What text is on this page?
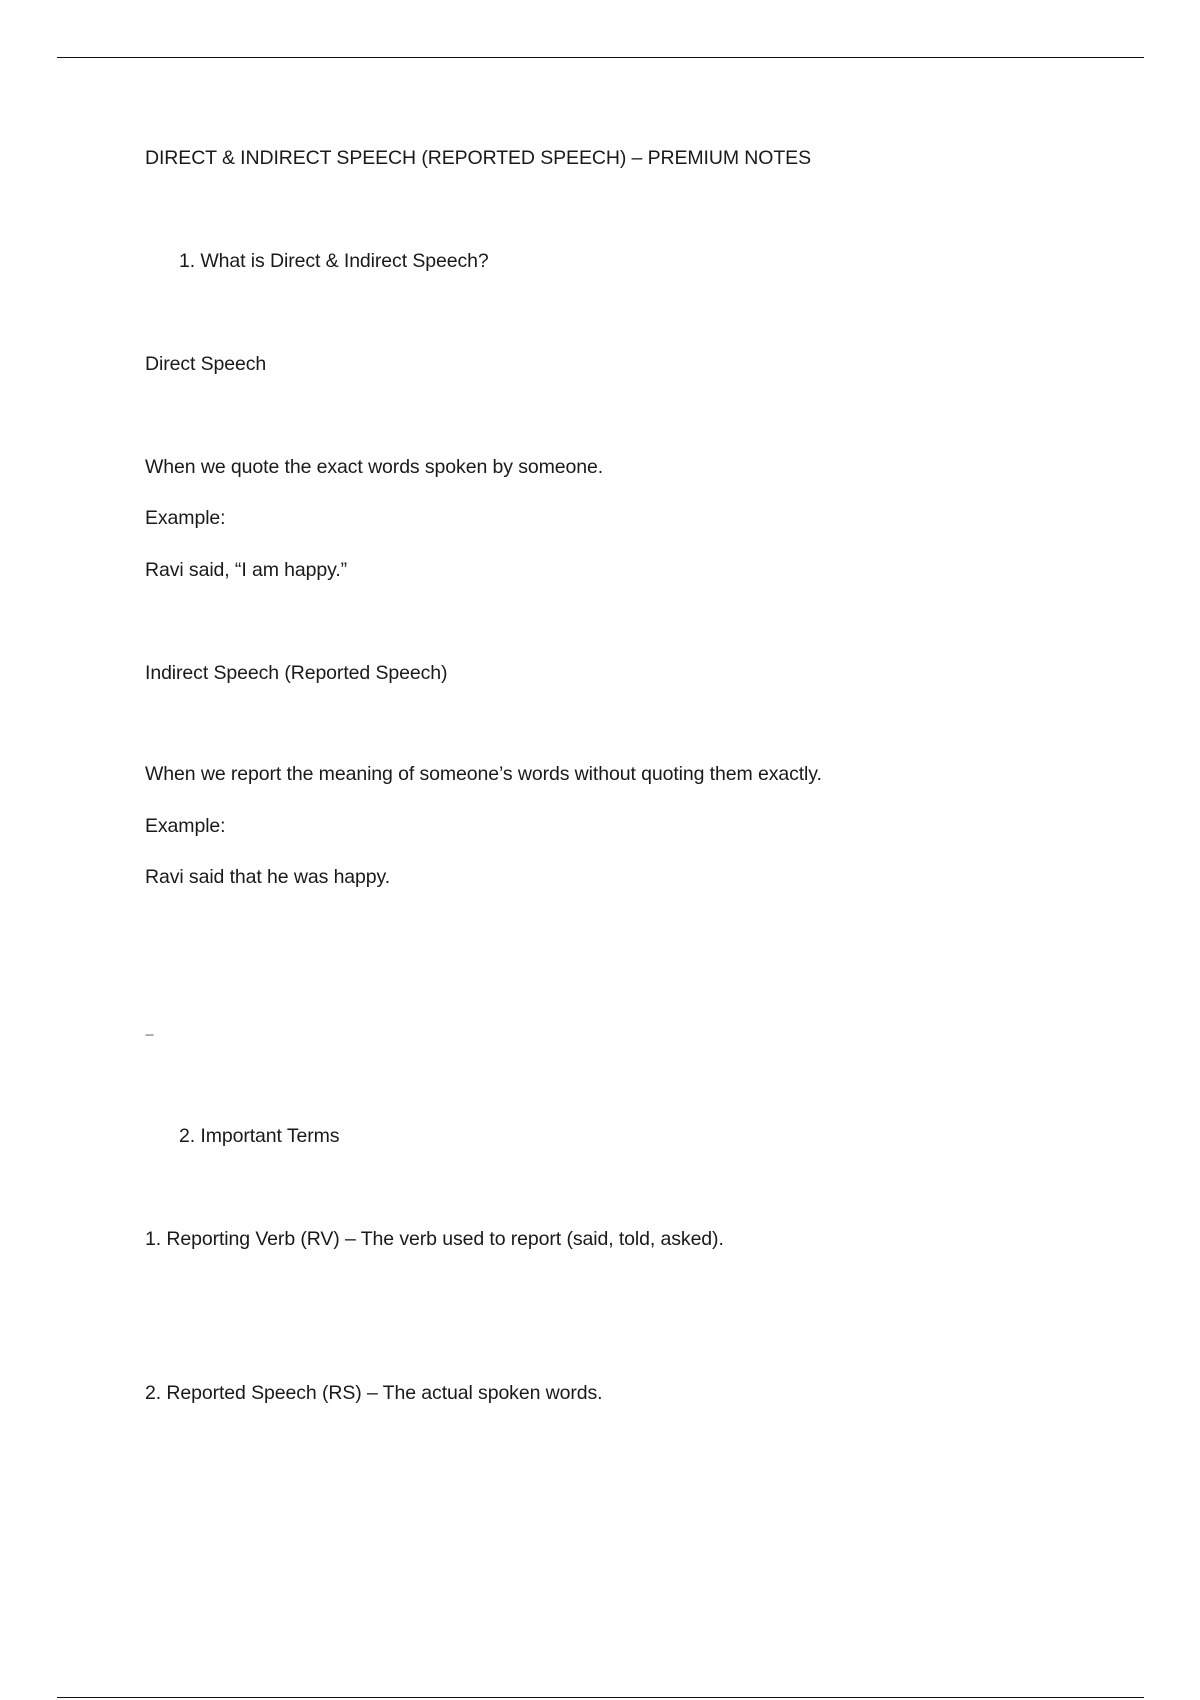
DIRECT & INDIRECT SPEECH (REPORTED SPEECH) – PREMIUM NOTES
1. What is Direct & Indirect Speech?
Direct Speech
When we quote the exact words spoken by someone.
Example:
Ravi said, “I am happy.”
Indirect Speech (Reported Speech)
When we report the meaning of someone’s words without quoting them exactly.
Example:
Ravi said that he was happy.
---
2. Important Terms
1. Reporting Verb (RV) – The verb used to report (said, told, asked).
2. Reported Speech (RS) – The actual spoken words.
